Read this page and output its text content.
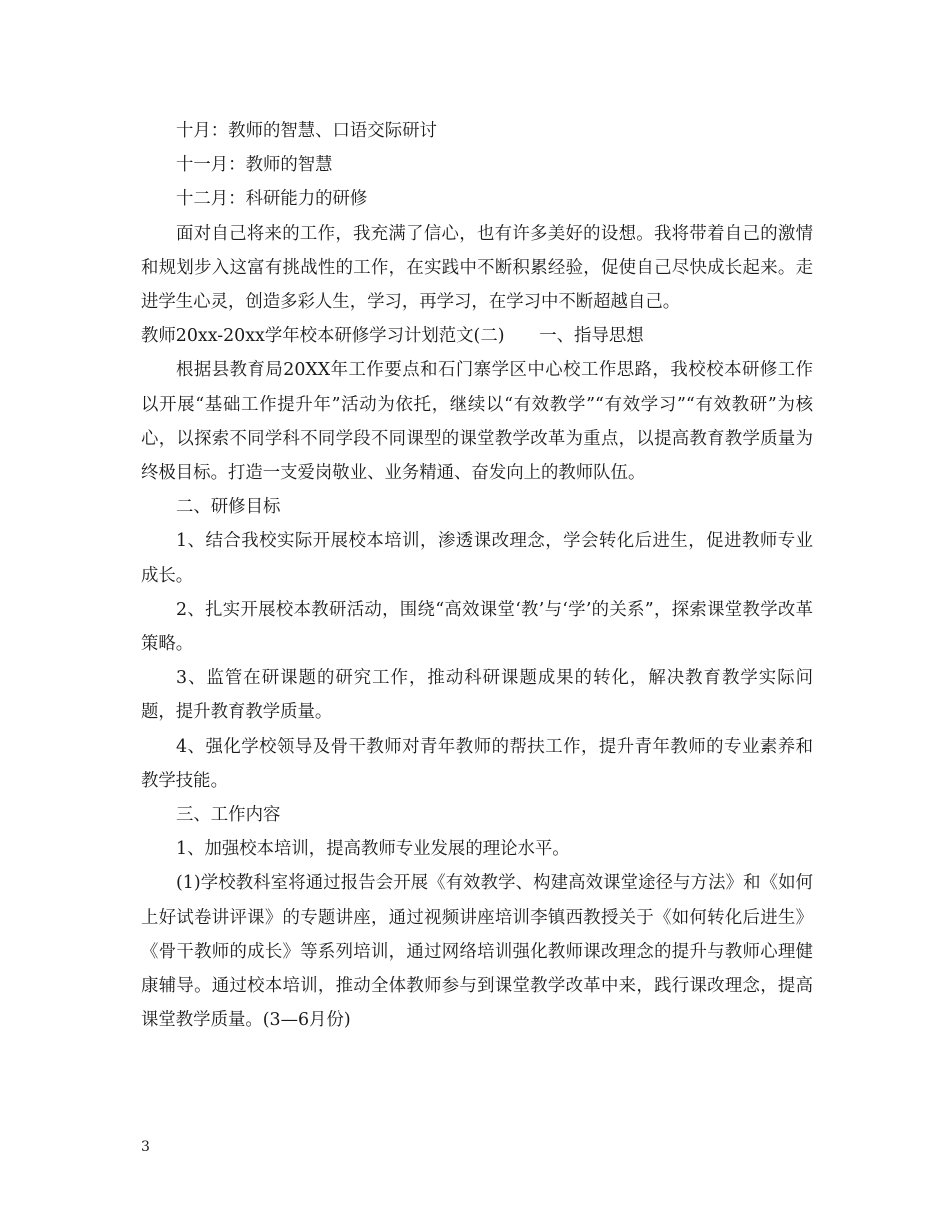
十月：教师的智慧、口语交际研讨

十一月：教师的智慧

十二月：科研能力的研修

面对自己将来的工作，我充满了信心，也有许多美好的设想。我将带着自己的激情和规划步入这富有挑战性的工作，在实践中不断积累经验，促使自己尽快成长起来。走进学生心灵，创造多彩人生，学习，再学习，在学习中不断超越自己。

教师20xx-20xx学年校本研修学习计划范文(二)　　一、指导思想

根据县教育局20XX年工作要点和石门寨学区中心校工作思路，我校校本研修工作以开展“基础工作提升年”活动为依托，继续以“有效教学”“有效学习”“有效教研”为核心，以探索不同学科不同学段不同课型的课堂教学改革为重点，以提高教育教学质量为终极目标。打造一支爱岗敬业、业务精通、奋发向上的教师队伍。

二、研修目标

1、结合我校实际开展校本培训，渗透课改理念，学会转化后进生，促进教师专业成长。

2、扎实开展校本教研活动，围绕“高效课堂‘教’与‘学’的关系”，探索课堂教学改革策略。

3、监管在研课题的研究工作，推动科研课题成果的转化，解决教育教学实际问题，提升教育教学质量。

4、强化学校领导及骨干教师对青年教师的帮扶工作，提升青年教师的专业素养和教学技能。

三、工作内容

1、加强校本培训，提高教师专业发展的理论水平。

(1)学校教科室将通过报告会开展《有效教学、构建高效课堂途径与方法》和《如何上好试卷讲评课》的专题讲座，通过视频讲座培训李镇西教授关于《如何转化后进生》《骨干教师的成长》等系列培训，通过网络培训强化教师课改理念的提升与教师心理健康辅导。通过校本培训，推动全体教师参与到课堂教学改革中来，践行课改理念，提高课堂教学质量。(3—6月份)

3
